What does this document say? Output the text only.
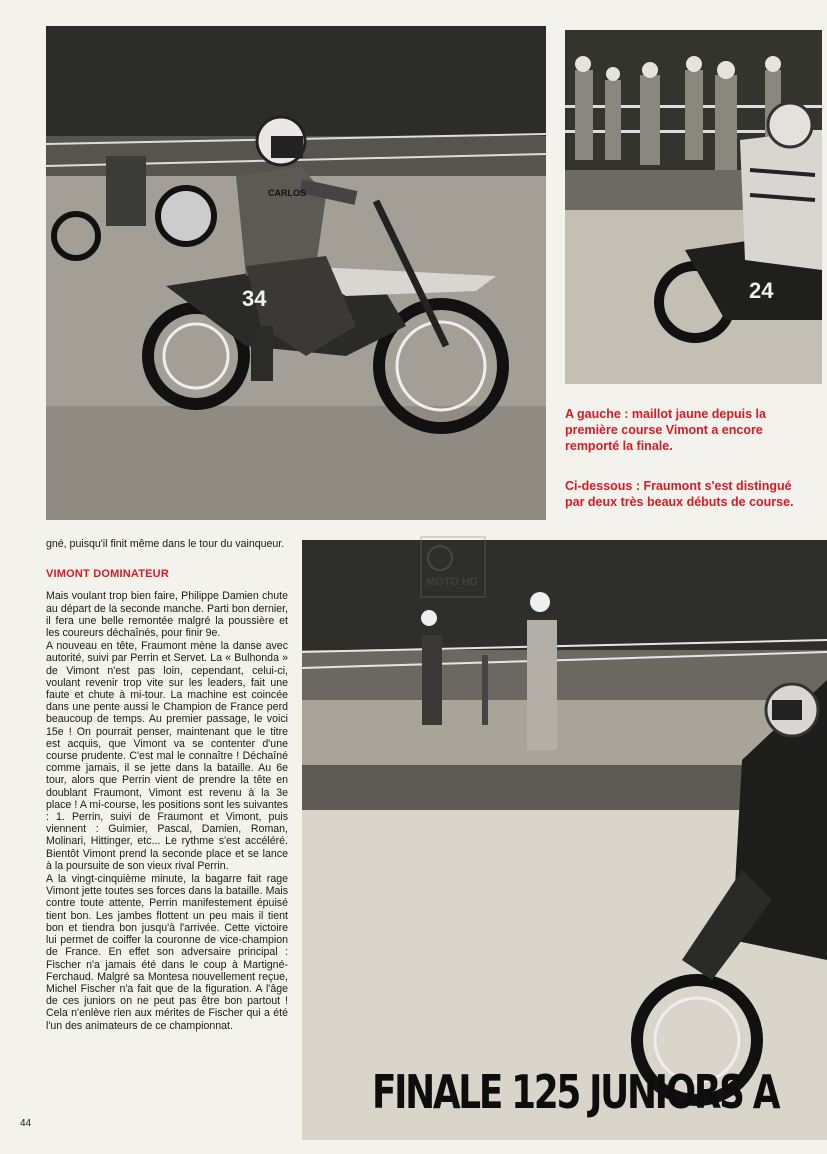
CARLOS
34	24

A gauche : maillot jaune depuis la première course Vimont a encore remporté la finale.

Ci-dessous : Fraumont s'est distingué par deux très beaux débuts de course.

gné, puisqu'il finit même dans le tour du vainqueur.

VIMONT DOMINATEUR

Mais voulant trop bien faire, Philippe Damien chute au départ de la seconde manche. Parti bon dernier, il fera une belle remontée malgré la poussière et les coureurs déchaînés, pour finir 9e.

A nouveau en tête, Fraumont mène la danse avec autorité, suivi par Perrin et Servet. La « Bulhonda » de Vimont n'est pas loin, cependant, celui-ci, voulant revenir trop vite sur les leaders, fait une faute et chute à mi-tour. La machine est coincée dans une pente aussi le Champion de France perd beaucoup de temps. Au premier passage, le voici 15e ! On pourrait penser, maintenant que le titre est acquis, que Vimont va se contenter d'une course prudente. C'est mal le connaître ! Déchaîné comme jamais, il se jette dans la bataille. Au 6e tour, alors que Perrin vient de prendre la tête en doublant Fraumont, Vimont est revenu à la 3e place ! A mi-course, les positions sont les suivantes : 1. Perrin, suivi de Fraumont et Vimont, puis viennent : Guimier, Pascal, Damien, Roman, Molinari, Hittinger, etc... Le rythme s'est accéléré. Bientôt Vimont prend la seconde place et se lance à la poursuite de son vieux rival Perrin.

A la vingt-cinquième minute, la bagarre fait rage Vimont jette toutes ses forces dans la bataille. Mais contre toute attente, Perrin manifestement épuisé tient bon. Les jambes flottent un peu mais il tient bon et tiendra bon jusqu'à l'arrivée. Cette victoire lui permet de coiffer la couronne de vice-champion de France. En effet son adversaire principal : Fischer n'a jamais été dans le coup à Martigné-Ferchaud. Malgré sa Montesa nouvellement reçue, Michel Fischer n'a fait que de la figuration. A l'âge de ces juniors on ne peut pas être bon partout ! Cela n'enlève rien aux mérites de Fischer qui a été l'un des animateurs de ce championnat.

MOTO HD
FINALE 125 JUNIORS A
44
